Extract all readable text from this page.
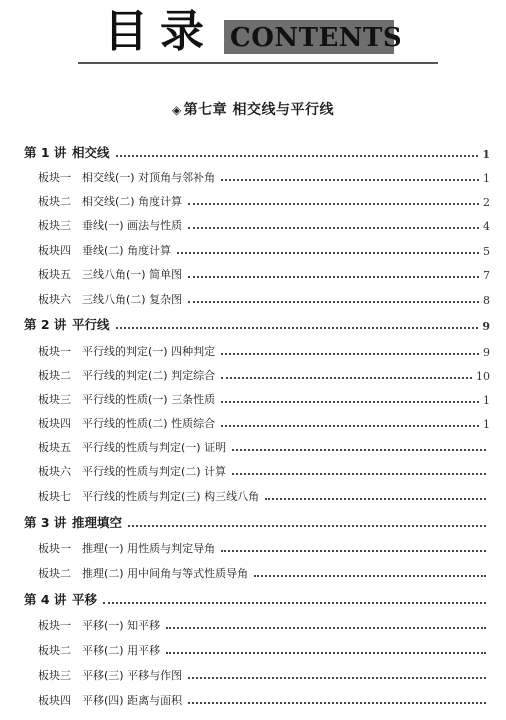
目录 CONTENTS
◈ 第七章 相交线与平行线
第 1 讲 相交线	1
板块一 相交线(一) 对顶角与邻补角	1
板块二 相交线(二) 角度计算	2
板块三 垂线(一) 画法与性质	4
板块四 垂线(二) 角度计算	5
板块五 三线八角(一) 简单图	7
板块六 三线八角(二) 复杂图	8
第 2 讲 平行线	9
板块一 平行线的判定(一) 四种判定	9
板块二 平行线的判定(二) 判定综合	10
板块三 平行线的性质(一) 三条性质	1
板块四 平行线的性质(二) 性质综合	1
板块五 平行线的性质与判定(一) 证明
板块六 平行线的性质与判定(二) 计算
板块七 平行线的性质与判定(三) 构三线八角
第 3 讲 推理填空
板块一 推理(一) 用性质与判定导角
板块二 推理(二) 用中间角与等式性质导角
第 4 讲 平移
板块一 平移(一) 知平移
板块二 平移(二) 用平移
板块三 平移(三) 平移与作图
板块四 平移(四) 距离与面积
